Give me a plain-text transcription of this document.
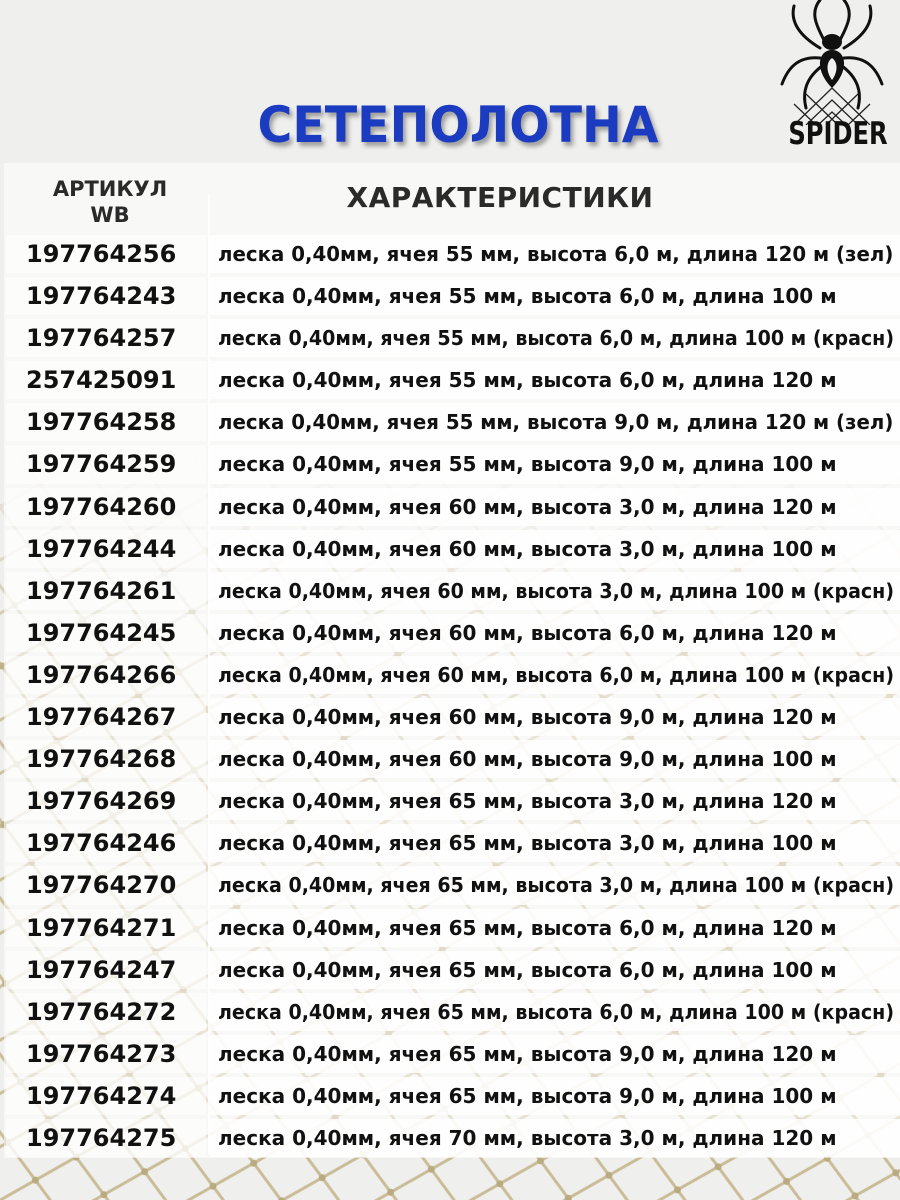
СЕТЕПОЛОТНА	SPIDER
АРТИКУЛ
WB
ХАРАКТЕРИСТИКИ
197764256 леска 0,40мм, ячея 55 мм, высота 6,0 м, длина 120 м (зел)
197764243 леска 0,40мм, ячея 55 мм, высота 6,0 м, длина 100 м
197764257 леска 0,40мм, ячея 55 мм, высота 6,0 м, длина 100 м (красн)
257425091 леска 0,40мм, ячея 55 мм, высота 6,0 м, длина 120 м
197764258 леска 0,40мм, ячея 55 мм, высота 9,0 м, длина 120 м (зел)
197764259 леска 0,40мм, ячея 55 мм, высота 9,0 м, длина 100 м
197764260 леска 0,40мм, ячея 60 мм, высота 3,0 м, длина 120 м
197764244 леска 0,40мм, ячея 60 мм, высота 3,0 м, длина 100 м
197764261 леска 0,40мм, ячея 60 мм, высота 3,0 м, длина 100 м (красн)
197764245 леска 0,40мм, ячея 60 мм, высота 6,0 м, длина 120 м
197764266 леска 0,40мм, ячея 60 мм, высота 6,0 м, длина 100 м (красн)
197764267 леска 0,40мм, ячея 60 мм, высота 9,0 м, длина 120 м
197764268 леска 0,40мм, ячея 60 мм, высота 9,0 м, длина 100 м
197764269 леска 0,40мм, ячея 65 мм, высота 3,0 м, длина 120 м
197764246 леска 0,40мм, ячея 65 мм, высота 3,0 м, длина 100 м
197764270 леска 0,40мм, ячея 65 мм, высота 3,0 м, длина 100 м (красн)
197764271 леска 0,40мм, ячея 65 мм, высота 6,0 м, длина 120 м
197764247 леска 0,40мм, ячея 65 мм, высота 6,0 м, длина 100 м
197764272 леска 0,40мм, ячея 65 мм, высота 6,0 м, длина 100 м (красн)
197764273 леска 0,40мм, ячея 65 мм, высота 9,0 м, длина 120 м
197764274 леска 0,40мм, ячея 65 мм, высота 9,0 м, длина 100 м
197764275 леска 0,40мм, ячея 70 мм, высота 3,0 м, длина 120 м
